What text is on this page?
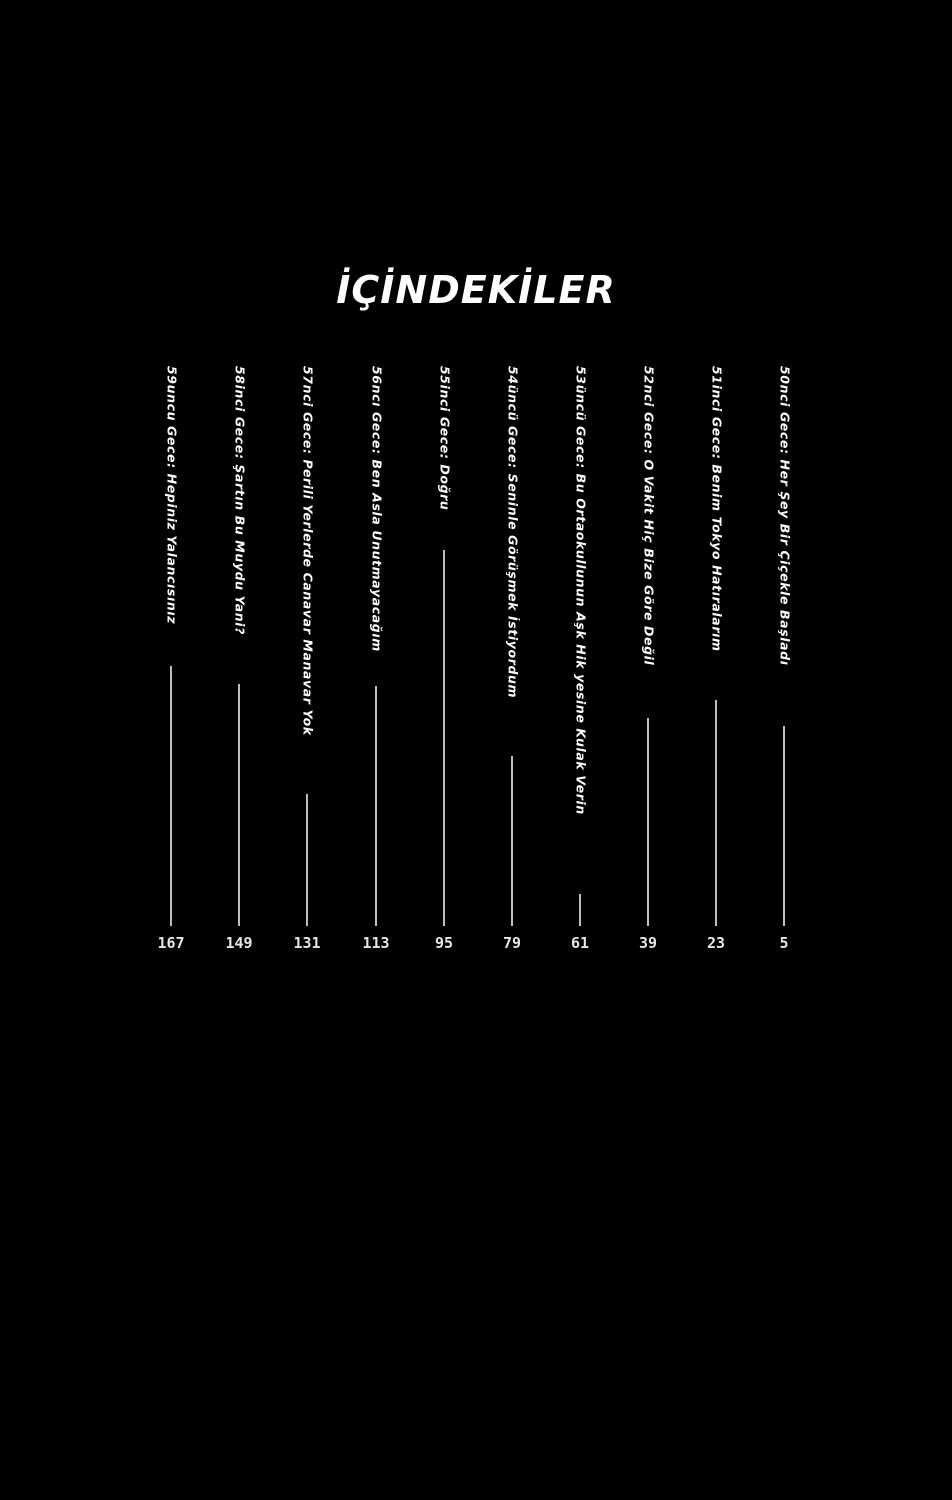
İÇİNDEKİLER
50nci Gece: Her Şey Bir Çiçekle Başladı
5
51inci Gece: Benim Tokyo Hatıralarım
23
52nci Gece: O Vakit Hiç Bize Göre Değil
39
53üncü Gece: Bu Ortaokullunun Aşk Hik yesine Kulak Verin
61
54üncü Gece: Seninle Görüşmek İstiyordum
79
55inci Gece: Doğru
95
56ncı Gece: Ben Asla Unutmayacağım
113
57nci Gece: Perili Yerlerde Canavar Manavar Yok
131
58inci Gece: Şartın Bu Muydu Yani?
149
59uncu Gece: Hepiniz Yalancısınız
167
